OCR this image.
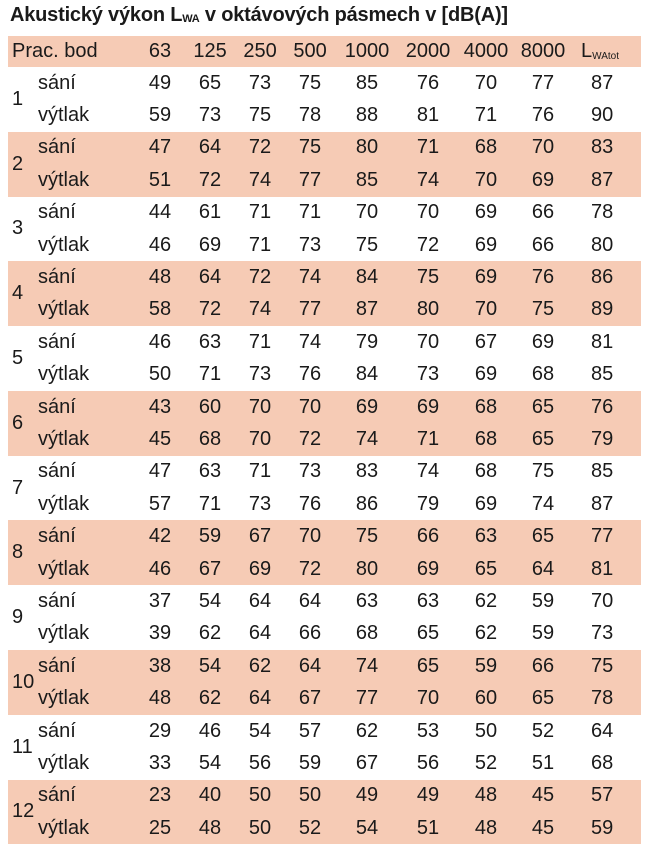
Akustický výkon $L_{WA}$ v oktávových pásmech v [dB(A)]
Prac. bod		63	125	250	500	1000	2000	4000	8000	$L_{WAtot}$
1	sání	49	65	73	75	85	76	70	77	87
	výtlak	59	73	75	78	88	81	71	76	90
2	sání	47	64	72	75	80	71	68	70	83
	výtlak	51	72	74	77	85	74	70	69	87
3	sání	44	61	71	71	70	70	69	66	78
	výtlak	46	69	71	73	75	72	69	66	80
4	sání	48	64	72	74	84	75	69	76	86
	výtlak	58	72	74	77	87	80	70	75	89
5	sání	46	63	71	74	79	70	67	69	81
	výtlak	50	71	73	76	84	73	69	68	85
6	sání	43	60	70	70	69	69	68	65	76
	výtlak	45	68	70	72	74	71	68	65	79
7	sání	47	63	71	73	83	74	68	75	85
	výtlak	57	71	73	76	86	79	69	74	87
8	sání	42	59	67	70	75	66	63	65	77
	výtlak	46	67	69	72	80	69	65	64	81
9	sání	37	54	64	64	63	63	62	59	70
	výtlak	39	62	64	66	68	65	62	59	73
10	sání	38	54	62	64	74	65	59	66	75
	výtlak	48	62	64	67	77	70	60	65	78
11	sání	29	46	54	57	62	53	50	52	64
	výtlak	33	54	56	59	67	56	52	51	68
12	sání	23	40	50	50	49	49	48	45	57
	výtlak	25	48	50	52	54	51	48	45	59
